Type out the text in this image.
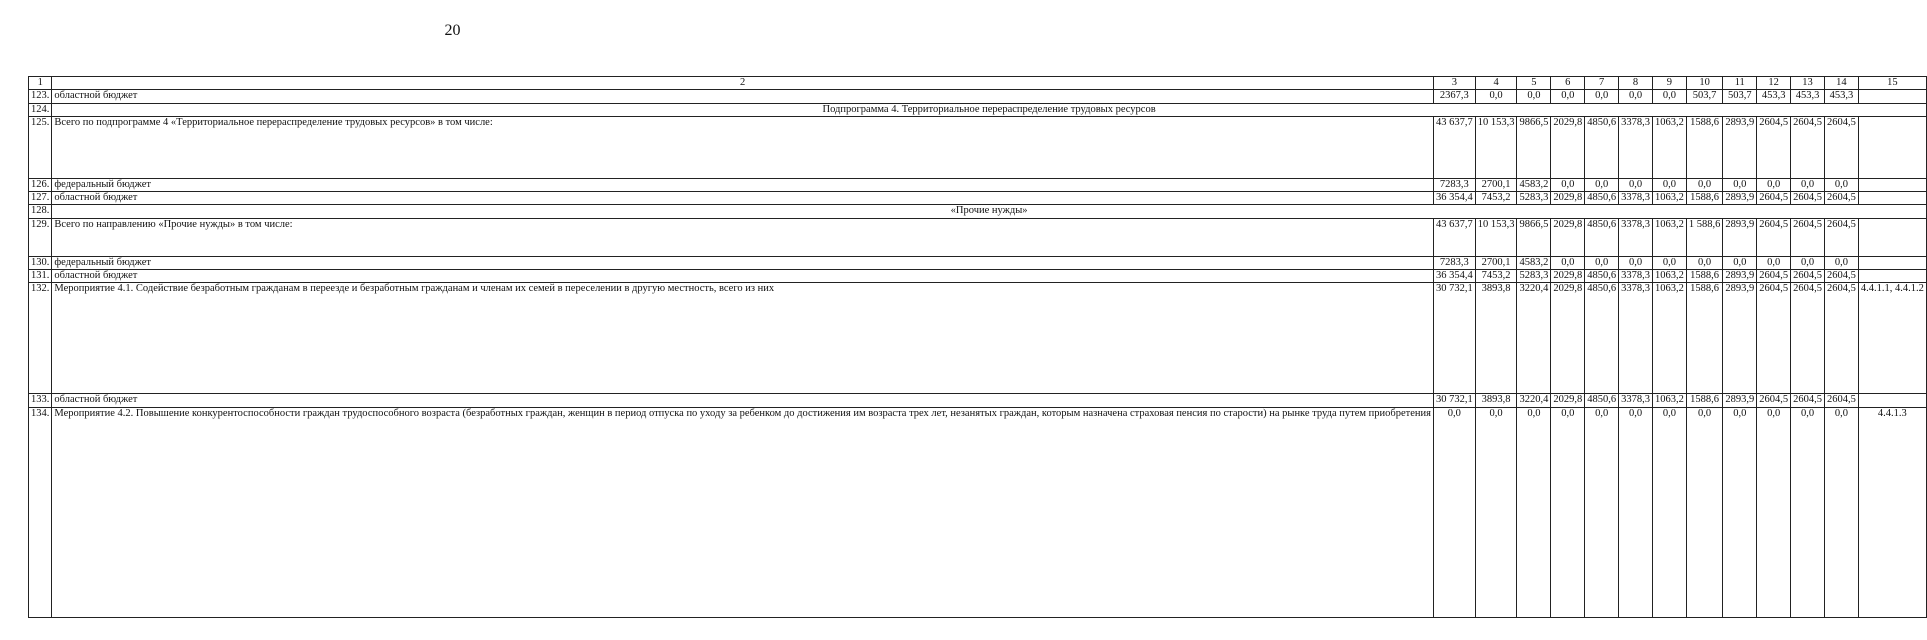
20
1	2	3	4	5	6	7	8	9	10	11	12	13	14	15
123.	областной бюджет	2367,3	0,0	0,0	0,0	0,0	0,0	0,0	503,7	503,7	453,3	453,3	453,3	
124.	Подпрограмма 4. Территориальное перераспределение трудовых ресурсов													
125.	Всего по подпрограмме 4 «Территориальное перераспределение трудовых ресурсов» в том числе:	43 637,7	10 153,3	9866,5	2029,8	4850,6	3378,3	1063,2	1588,6	2893,9	2604,5	2604,5	2604,5	
126.	федеральный бюджет	7283,3	2700,1	4583,2	0,0	0,0	0,0	0,0	0,0	0,0	0,0	0,0	0,0	
127.	областной бюджет	36 354,4	7453,2	5283,3	2029,8	4850,6	3378,3	1063,2	1588,6	2893,9	2604,5	2604,5	2604,5	
128.	«Прочие нужды»													
129.	Всего по направлению «Прочие нужды» в том числе:	43 637,7	10 153,3	9866,5	2029,8	4850,6	3378,3	1063,2	1 588,6	2893,9	2604,5	2604,5	2604,5	
130.	федеральный бюджет	7283,3	2700,1	4583,2	0,0	0,0	0,0	0,0	0,0	0,0	0,0	0,0	0,0	
131.	областной бюджет	36 354,4	7453,2	5283,3	2029,8	4850,6	3378,3	1063,2	1588,6	2893,9	2604,5	2604,5	2604,5	
132.	Мероприятие 4.1. Содействие безработным гражданам в переезде и безработным гражданам и членам их семей в переселении в другую местность, всего из них	30 732,1	3893,8	3220,4	2029,8	4850,6	3378,3	1063,2	1588,6	2893,9	2604,5	2604,5	2604,5	4.4.1.1, 4.4.1.2
133.	областной бюджет	30 732,1	3893,8	3220,4	2029,8	4850,6	3378,3	1063,2	1588,6	2893,9	2604,5	2604,5	2604,5	
134.	Мероприятие 4.2. Повышение конкурентоспособности граждан трудоспособного возраста (безработных граждан, женщин в период отпуска по уходу за ребенком до достижения им возраста трех лет, незанятых граждан, которым назначена страховая пенсия по старости) на рынке труда путем приобретения	0,0	0,0	0,0	0,0	0,0	0,0	0,0	0,0	0,0	0,0	0,0	0,0	4.4.1.3
